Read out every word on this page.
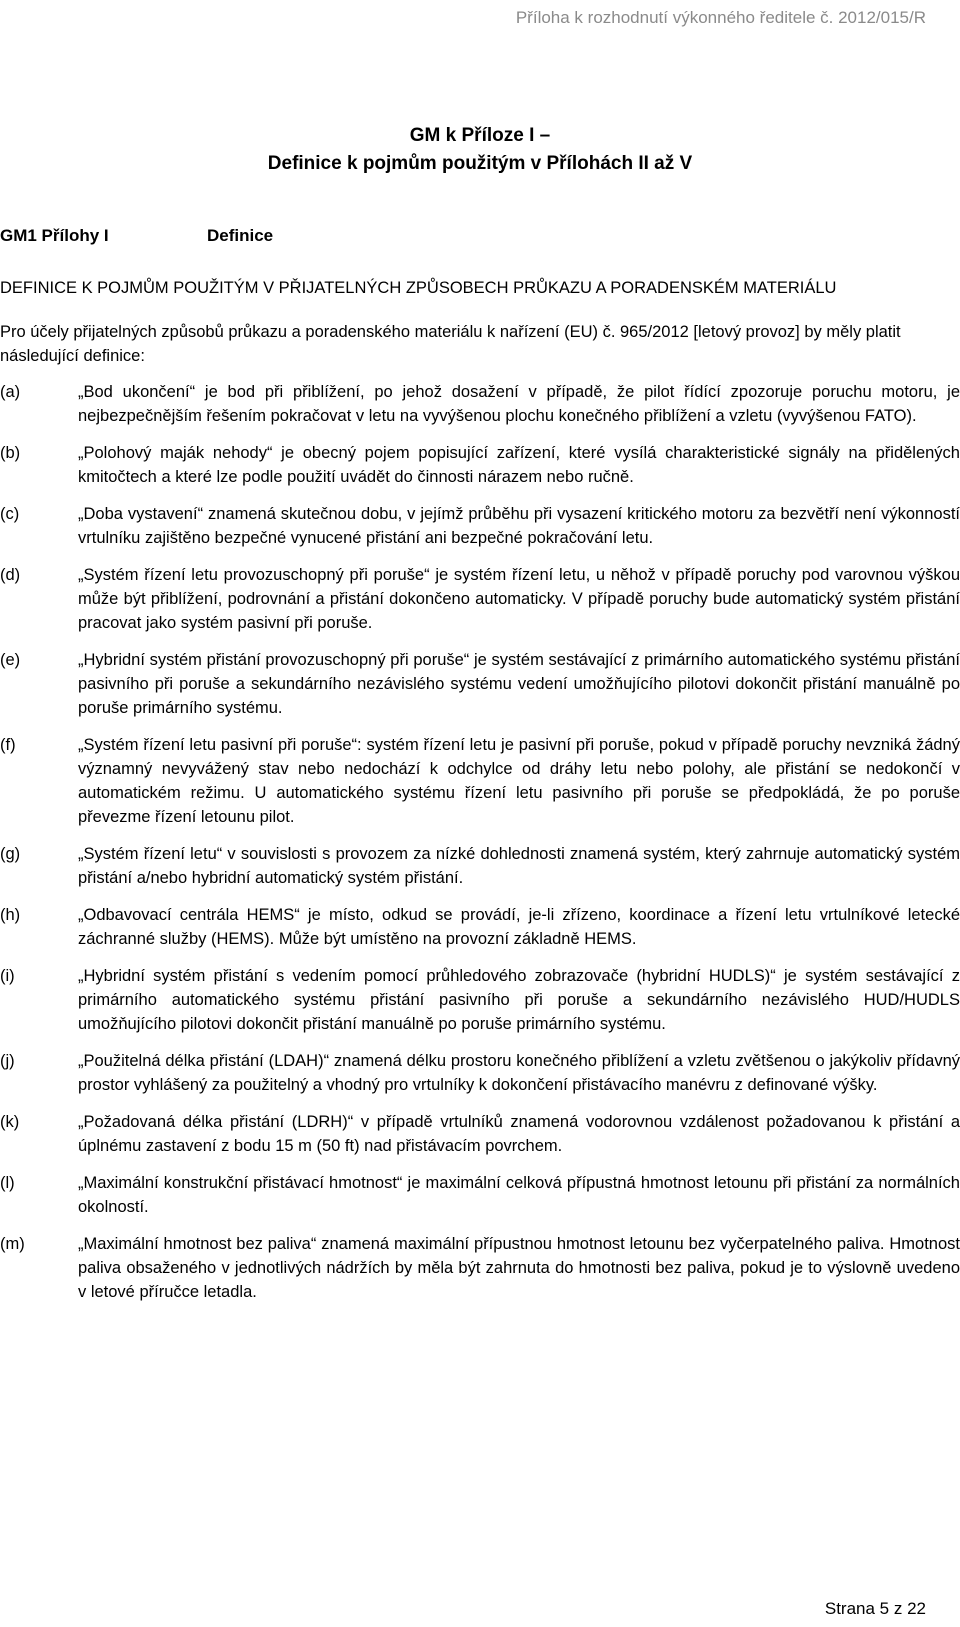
Příloha k rozhodnutí výkonného ředitele č. 2012/015/R
GM k Příloze I –
Definice k pojmům použitým v Přílohách II až V
GM1 Přílohy I	Definice
DEFINICE K POJMŮM POUŽITÝM V PŘIJATELNÝCH ZPŮSOBECH PRŮKAZU A PORADENSKÉM MATERIÁLU
Pro účely přijatelných způsobů průkazu a poradenského materiálu k nařízení (EU) č. 965/2012 [letový provoz] by měly platit následující definice:
(a)	„Bod ukončení“ je bod při přiblížení, po jehož dosažení v případě, že pilot řídící zpozoruje poruchu motoru, je nejbezpečnějším řešením pokračovat v letu na vyvýšenou plochu konečného přiblížení a vzletu (vyvýšenou FATO).
(b)	„Polohový maják nehody“ je obecný pojem popisující zařízení, které vysílá charakteristické signály na přidělených kmitočtech a které lze podle použití uvádět do činnosti nárazem nebo ručně.
(c)	„Doba vystavení“ znamená skutečnou dobu, v jejímž průběhu při vysazení kritického motoru za bezvětří není výkonností vrtulníku zajištěno bezpečné vynucené přistání ani bezpečné pokračování letu.
(d)	„Systém řízení letu provozuschopný při poruše“ je systém řízení letu, u něhož v případě poruchy pod varovnou výškou může být přiblížení, podrovnání a přistání dokončeno automaticky. V případě poruchy bude automatický systém přistání pracovat jako systém pasivní při poruše.
(e)	„Hybridní systém přistání provozuschopný při poruše“ je systém sestávající z primárního automatického systému přistání pasivního při poruše a sekundárního nezávislého systému vedení umožňujícího pilotovi dokončit přistání manuálně po poruše primárního systému.
(f)	„Systém řízení letu pasivní při poruše“: systém řízení letu je pasivní při poruše, pokud v případě poruchy nevzniká žádný významný nevyvážený stav nebo nedochází k odchylce od dráhy letu nebo polohy, ale přistání se nedokončí v automatickém režimu. U automatického systému řízení letu pasivního při poruše se předpokládá, že po poruše převezme řízení letounu pilot.
(g)	„Systém řízení letu“ v souvislosti s provozem za nízké dohlednosti znamená systém, který zahrnuje automatický systém přistání a/nebo hybridní automatický systém přistání.
(h)	„Odbavovací centrála HEMS“ je místo, odkud se provádí, je-li zřízeno, koordinace a řízení letu vrtulníkové letecké záchranné služby (HEMS). Může být umístěno na provozní základně HEMS.
(i)	„Hybridní systém přistání s vedením pomocí průhledového zobrazovače (hybridní HUDLS)“ je systém sestávající z primárního automatického systému přistání pasivního při poruše a sekundárního nezávislého HUD/HUDLS umožňujícího pilotovi dokončit přistání manuálně po poruše primárního systému.
(j)	„Použitelná délka přistání (LDAH)“ znamená délku prostoru konečného přiblížení a vzletu zvětšenou o jakýkoliv přídavný prostor vyhlášený za použitelný a vhodný pro vrtulníky k dokončení přistávacího manévru z definované výšky.
(k)	„Požadovaná délka přistání (LDRH)“ v případě vrtulníků znamená vodorovnou vzdálenost požadovanou k přistání a úplnému zastavení z bodu 15 m (50 ft) nad přistávacím povrchem.
(l)	„Maximální konstrukční přistávací hmotnost“ je maximální celková přípustná hmotnost letounu při přistání za normálních okolností.
(m)	„Maximální hmotnost bez paliva“ znamená maximální přípustnou hmotnost letounu bez vyčerpatelného paliva. Hmotnost paliva obsaženého v jednotlivých nádržích by měla být zahrnuta do hmotnosti bez paliva, pokud je to výslovně uvedeno v letové příručce letadla.
Strana 5 z 22
